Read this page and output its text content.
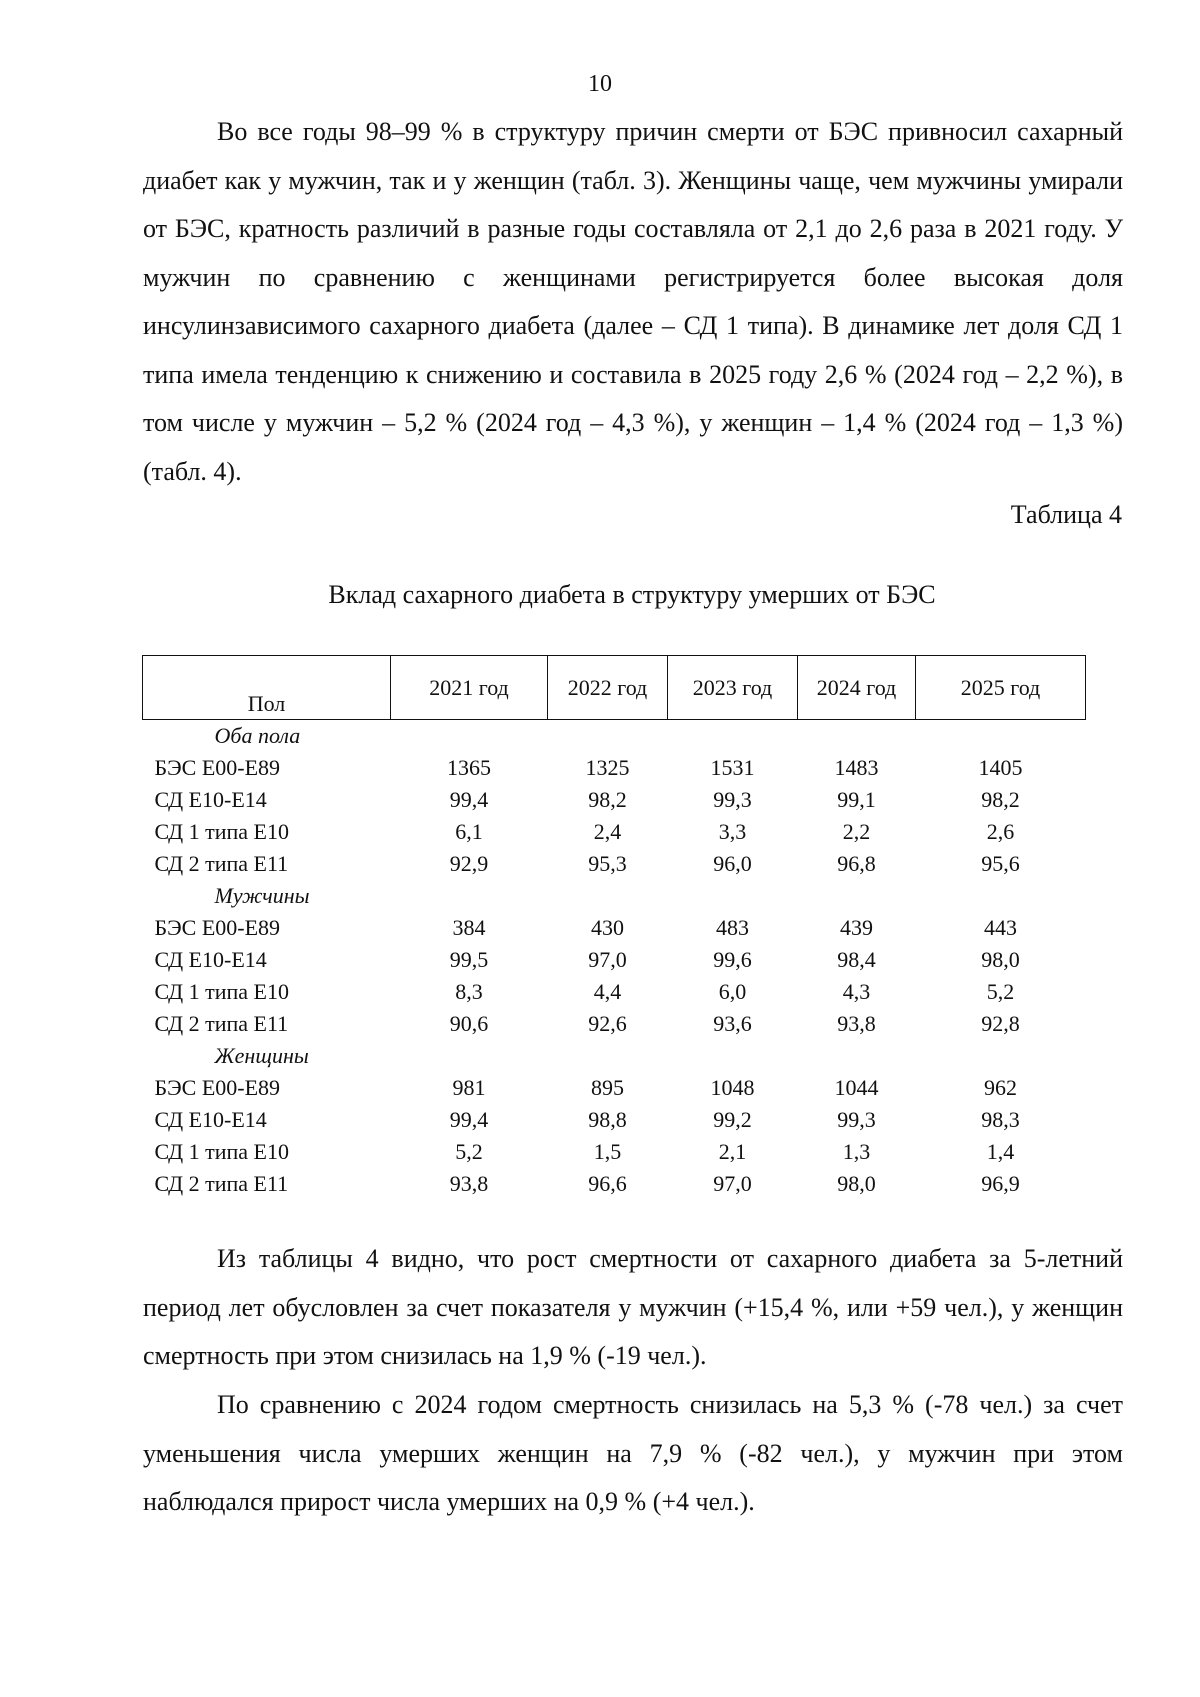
10

Во все годы 98–99 % в структуру причин смерти от БЭС привносил сахарный диабет как у мужчин, так и у женщин (табл. 3). Женщины чаще, чем мужчины умирали от БЭС, кратность различий в разные годы составляла от 2,1 до 2,6 раза в 2021 году. У мужчин по сравнению с женщинами регистрируется более высокая доля инсулинзависимого сахарного диабета (далее – СД 1 типа). В динамике лет доля СД 1 типа имела тенденцию к снижению и составила в 2025 году 2,6 % (2024 год – 2,2 %), в том числе у мужчин – 5,2 % (2024 год – 4,3 %), у женщин – 1,4 % (2024 год – 1,3 %) (табл. 4).

Таблица 4
Вклад сахарного диабета в структуру умерших от БЭС
Пол	2021 год	2022 год	2023 год	2024 год	2025 год
Оба пола					
БЭС Е00-Е89	1365	1325	1531	1483	1405
СД Е10-Е14	99,4	98,2	99,3	99,1	98,2
СД 1 типа Е10	6,1	2,4	3,3	2,2	2,6
СД 2 типа Е11	92,9	95,3	96,0	96,8	95,6
Мужчины					
БЭС Е00-Е89	384	430	483	439	443
СД Е10-Е14	99,5	97,0	99,6	98,4	98,0
СД 1 типа Е10	8,3	4,4	6,0	4,3	5,2
СД 2 типа Е11	90,6	92,6	93,6	93,8	92,8
Женщины					
БЭС Е00-Е89	981	895	1048	1044	962
СД Е10-Е14	99,4	98,8	99,2	99,3	98,3
СД 1 типа Е10	5,2	1,5	2,1	1,3	1,4
СД 2 типа Е11	93,8	96,6	97,0	98,0	96,9

Из таблицы 4 видно, что рост смертности от сахарного диабета за 5-летний период лет обусловлен за счет показателя у мужчин (+15,4 %, или +59 чел.), у женщин смертность при этом снизилась на 1,9 % (-19 чел.).

По сравнению с 2024 годом смертность снизилась на 5,3 % (-78 чел.) за счет уменьшения числа умерших женщин на 7,9 % (-82 чел.), у мужчин при этом наблюдался прирост числа умерших на 0,9 % (+4 чел.).
